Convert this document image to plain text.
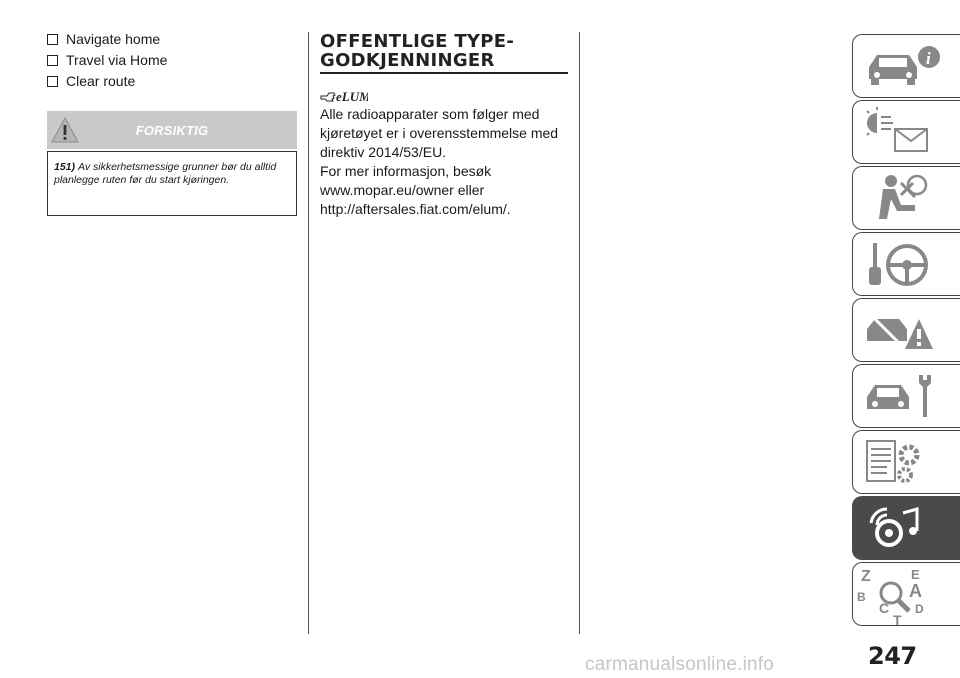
Navigate home
Travel via Home
Clear route
FORSIKTIG
151) Av sikkerhetsmessige grunner bør du alltid planlegge ruten før du start kjøringen.
OFFENTLIGE TYPE-
GODKJENNINGER
eLUM
Alle radioapparater som følger med
kjøretøyet er i overensstemmelse med
direktiv 2014/53/EU.
For mer informasjon, besøk
www.mopar.eu/owner eller
http://aftersales.fiat.com/elum/.
i
Z	E
A
B
C D
T
247
carmanualsonline.info
